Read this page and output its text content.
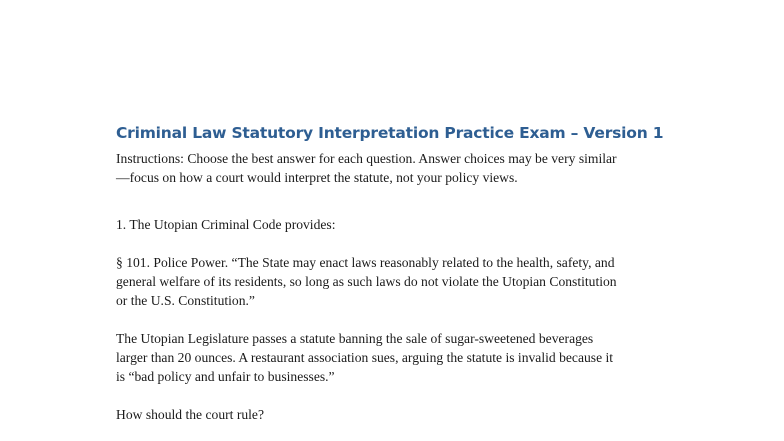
Criminal Law Statutory Interpretation Practice Exam – Version 1
Instructions: Choose the best answer for each question. Answer choices may be very similar
—focus on how a court would interpret the statute, not your policy views.
1. The Utopian Criminal Code provides:
§ 101. Police Power. “The State may enact laws reasonably related to the health, safety, and
general welfare of its residents, so long as such laws do not violate the Utopian Constitution
or the U.S. Constitution.”
The Utopian Legislature passes a statute banning the sale of sugar-sweetened beverages
larger than 20 ounces. A restaurant association sues, arguing the statute is invalid because it
is “bad policy and unfair to businesses.”
How should the court rule?
